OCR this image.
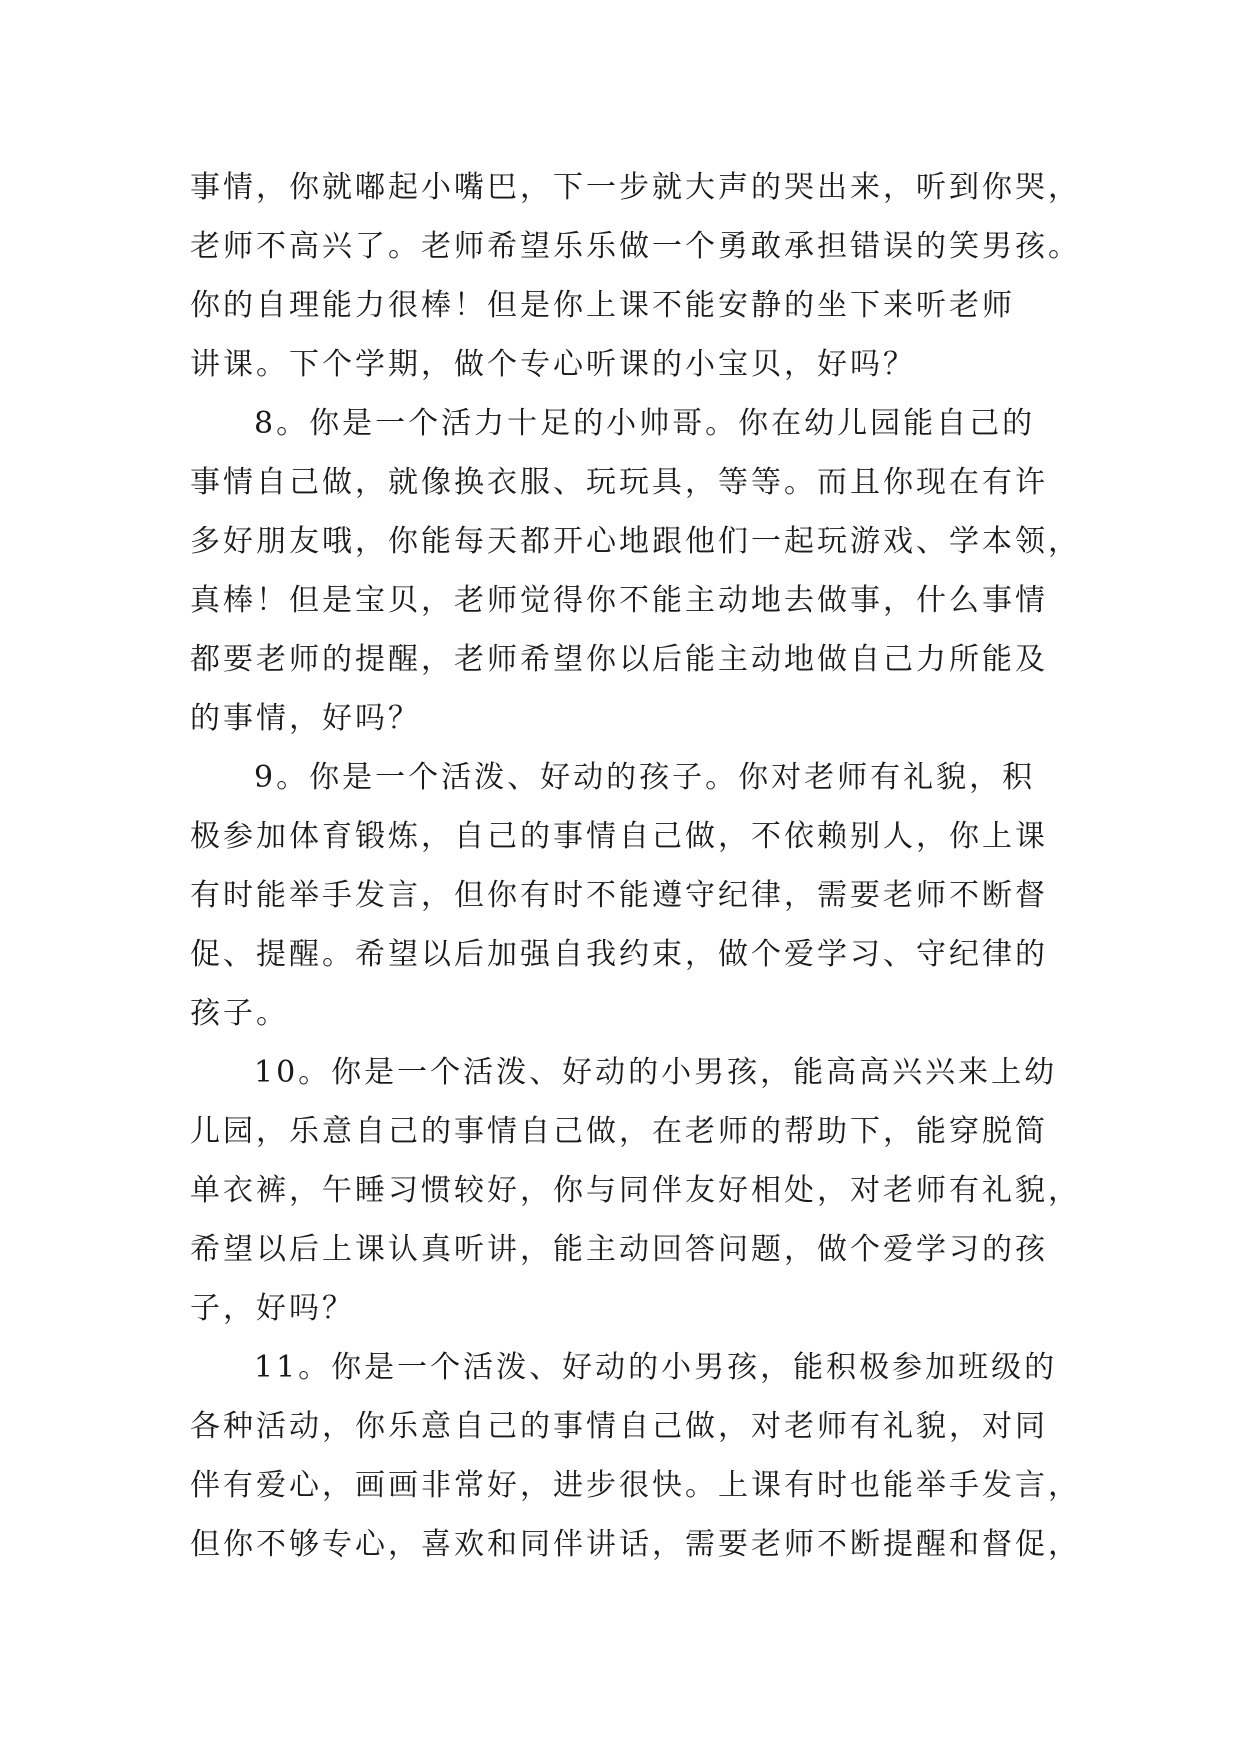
事情，你就嘟起小嘴巴，下一步就大声的哭出来，听到你哭，
老师不高兴了。老师希望乐乐做一个勇敢承担错误的笑男孩。
你的自理能力很棒！但是你上课不能安静的坐下来听老师
讲课。下个学期，做个专心听课的小宝贝，好吗？
8。你是一个活力十足的小帅哥。你在幼儿园能自己的
事情自己做，就像换衣服、玩玩具，等等。而且你现在有许
多好朋友哦，你能每天都开心地跟他们一起玩游戏、学本领，
真棒！但是宝贝，老师觉得你不能主动地去做事，什么事情
都要老师的提醒，老师希望你以后能主动地做自己力所能及
的事情，好吗？
9。你是一个活泼、好动的孩子。你对老师有礼貌，积
极参加体育锻炼，自己的事情自己做，不依赖别人，你上课
有时能举手发言，但你有时不能遵守纪律，需要老师不断督
促、提醒。希望以后加强自我约束，做个爱学习、守纪律的
孩子。
10。你是一个活泼、好动的小男孩，能高高兴兴来上幼
儿园，乐意自己的事情自己做，在老师的帮助下，能穿脱简
单衣裤，午睡习惯较好，你与同伴友好相处，对老师有礼貌，
希望以后上课认真听讲，能主动回答问题，做个爱学习的孩
子，好吗？
11。你是一个活泼、好动的小男孩，能积极参加班级的
各种活动，你乐意自己的事情自己做，对老师有礼貌，对同
伴有爱心，画画非常好，进步很快。上课有时也能举手发言，
但你不够专心，喜欢和同伴讲话，需要老师不断提醒和督促，
